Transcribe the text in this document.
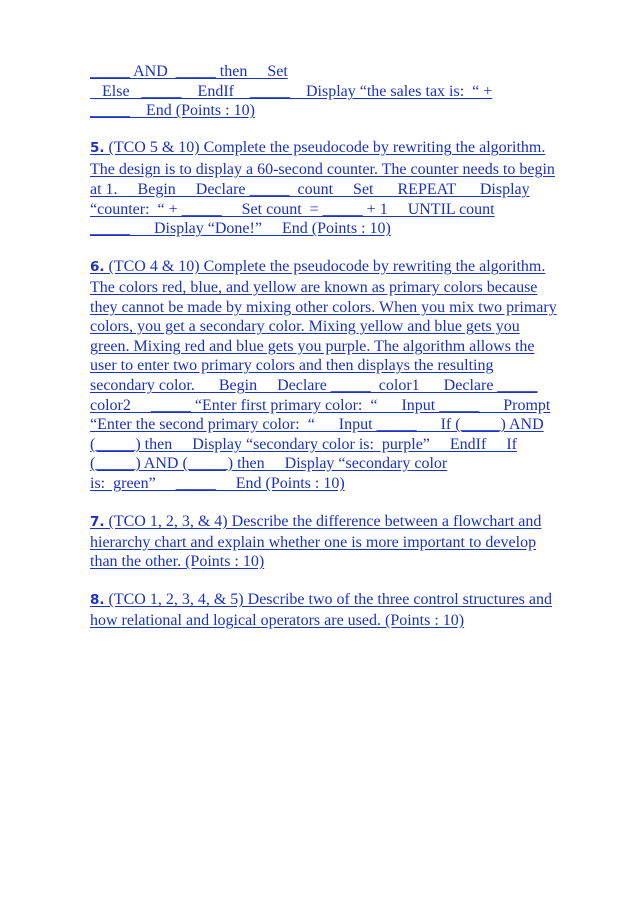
_____ AND  _____ then     Set
Else   _____    EndIf    _____    Display “the sales tax is:  “ +
_____    End (Points : 10)
5. (TCO 5 & 10) Complete the pseudocode by rewriting the algorithm.
The design is to display a 60-second counter. The counter needs to begin
at 1.     Begin     Declare _____  count     Set      REPEAT      Display
“counter:  “ + _____     Set count  = _____ + 1     UNTIL count
_____      Display “Done!”     End (Points : 10)
6. (TCO 4 & 10) Complete the pseudocode by rewriting the algorithm.
The colors red, blue, and yellow are known as primary colors because
they cannot be made by mixing other colors. When you mix two primary
colors, you get a secondary color. Mixing yellow and blue gets you
green. Mixing red and blue gets you purple. The algorithm allows the
user to enter two primary colors and then displays the resulting
secondary color.      Begin     Declare _____  color1      Declare _____
color2     _____ “Enter first primary color:  “      Input _____      Prompt
“Enter the second primary color:  “      Input _____      If (_____) AND
(_____) then     Display “secondary color is:  purple”     EndIf     If
(_____) AND (_____) then     Display “secondary color
is:  green”     _____     End (Points : 10)
7. (TCO 1, 2, 3, & 4) Describe the difference between a flowchart and
hierarchy chart and explain whether one is more important to develop
than the other. (Points : 10)
8. (TCO 1, 2, 3, 4, & 5) Describe two of the three control structures and
how relational and logical operators are used. (Points : 10)
